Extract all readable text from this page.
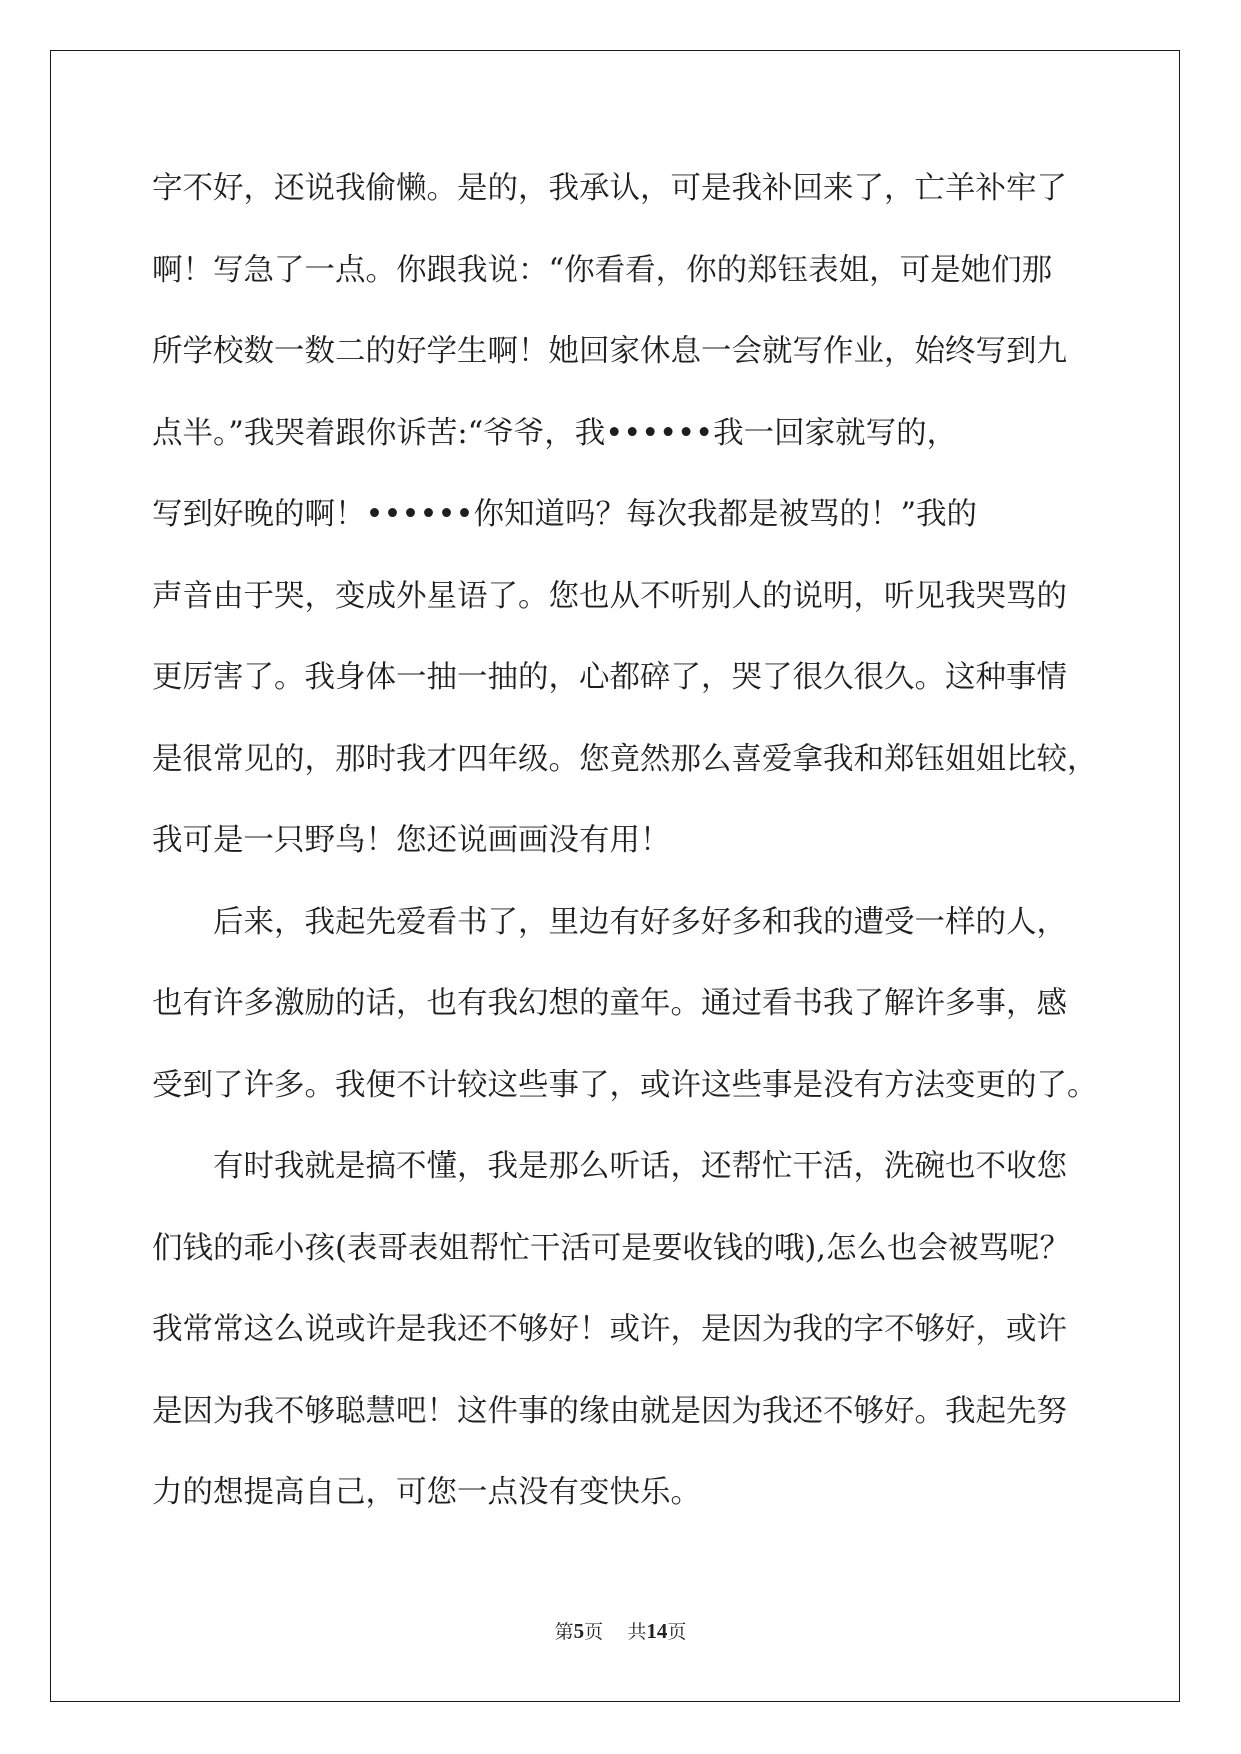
字不好，还说我偷懒。是的，我承认，可是我补回来了，亡羊补牢了
啊！写急了一点。你跟我说：“你看看，你的郑钰表姐，可是她们那
所学校数一数二的好学生啊！她回家休息一会就写作业，始终写到九
点半。”我哭着跟你诉苦:“爷爷，我••••••我一回家就写的，
写到好晚的啊！••••••你知道吗？每次我都是被骂的！”我的
声音由于哭，变成外星语了。您也从不听别人的说明，听见我哭骂的
更厉害了。我身体一抽一抽的，心都碎了，哭了很久很久。这种事情
是很常见的，那时我才四年级。您竟然那么喜爱拿我和郑钰姐姐比较，
我可是一只野鸟！您还说画画没有用！
　　后来，我起先爱看书了，里边有好多好多和我的遭受一样的人，
也有许多激励的话，也有我幻想的童年。通过看书我了解许多事，感
受到了许多。我便不计较这些事了，或许这些事是没有方法变更的了。
　　有时我就是搞不懂，我是那么听话，还帮忙干活，洗碗也不收您
们钱的乖小孩(表哥表姐帮忙干活可是要收钱的哦),怎么也会被骂呢？
我常常这么说或许是我还不够好！或许，是因为我的字不够好，或许
是因为我不够聪慧吧！这件事的缘由就是因为我还不够好。我起先努
力的想提高自己，可您一点没有变快乐。
第5页 共14页
